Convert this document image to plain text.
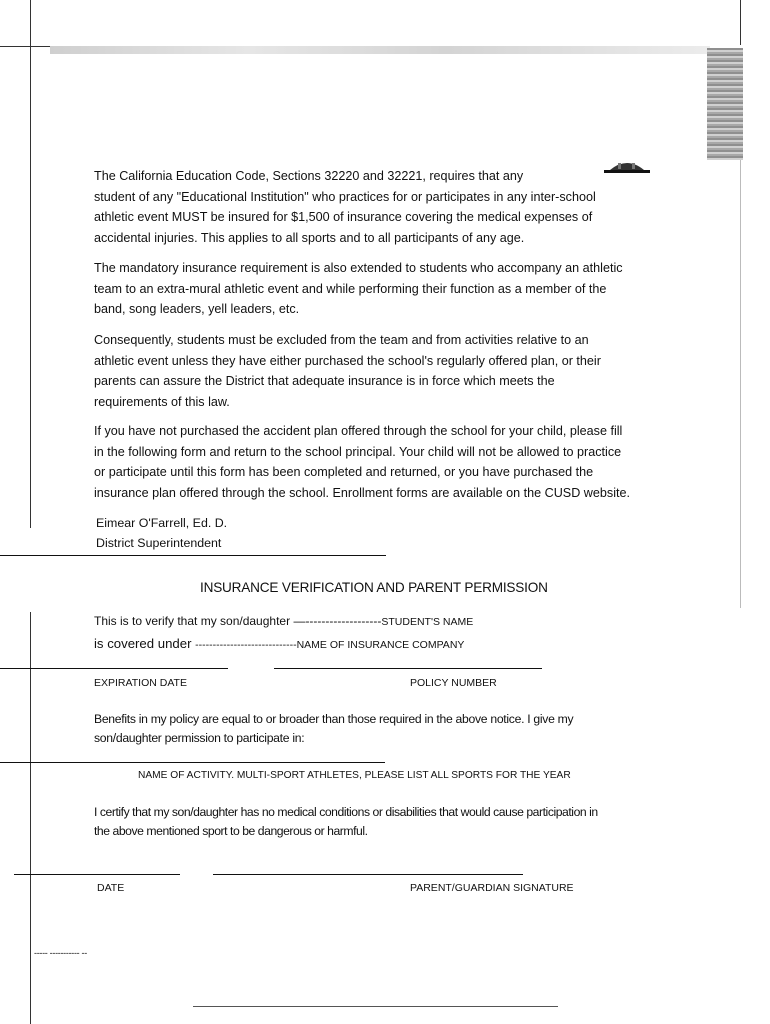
The California Education Code, Sections 32220 and 32221, requires that any
student of any "Educational Institution" who practices for or participates in any inter-school
athletic event MUST be insured for $1,500 of insurance covering the medical expenses of
accidental injuries. This applies to all sports and to all participants of any age.

The mandatory insurance requirement is also extended to students who accompany an athletic
team to an extra-mural athletic event and while performing their function as a member of the
band, song leaders, yell leaders, etc.

Consequently, students must be excluded from the team and from activities relative to an
athletic event unless they have either purchased the school's regularly offered plan, or their
parents can assure the District that adequate insurance is in force which meets the
requirements of this law.

If you have not purchased the accident plan offered through the school for your child, please fill
in the following form and return to the school principal. Your child will not be allowed to practice
or participate until this form has been completed and returned, or you have purchased the
insurance plan offered through the school. Enrollment forms are available on the CUSD website.

Eimear O'Farrell, Ed. D.
District Superintendent
INSURANCE VERIFICATION AND PARENT PERMISSION
This is to verify that my son/daughter —-------------------STUDENT'S NAME
is covered under -----------------------------NAME OF INSURANCE COMPANY
EXPIRATION DATE	POLICY NUMBER
Benefits in my policy are equal to or broader than those required in the above notice. I give my
son/daughter permission to participate in:
NAME OF ACTIVITY. MULTI-SPORT ATHLETES, PLEASE LIST ALL SPORTS FOR THE YEAR
I certify that my son/daughter has no medical conditions or disabilities that would cause participation in
the above mentioned sport to be dangerous or harmful.
DATE	PARENT/GUARDIAN SIGNATURE
----- ----------- --
